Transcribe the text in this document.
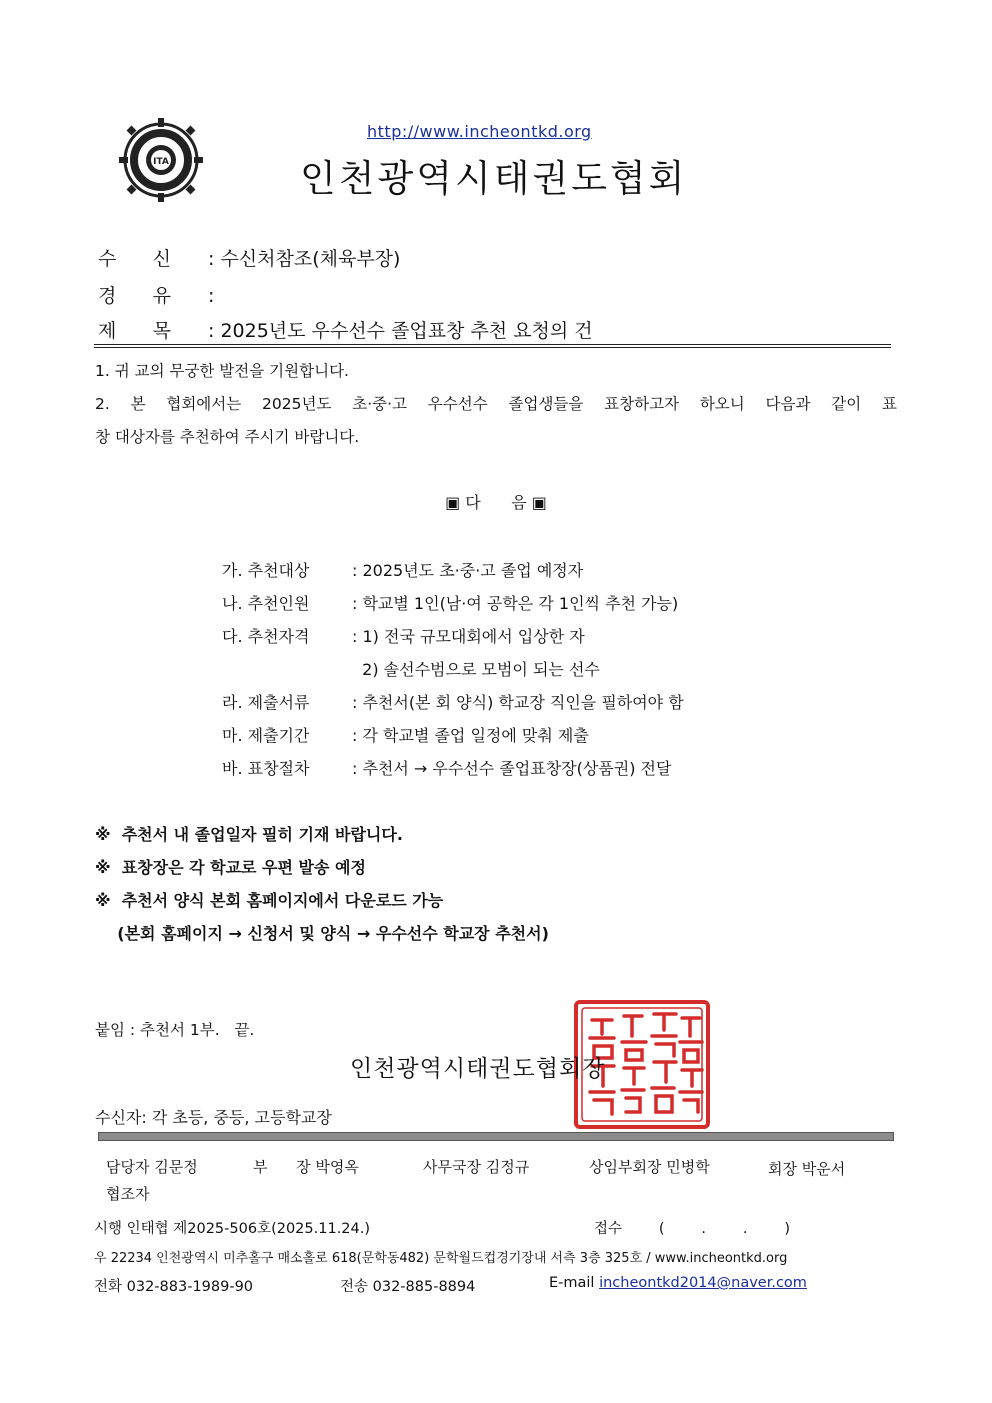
http://www.incheontkd.org
ITA	인천광역시태권도협회
수      신 : 수신처참조(체육부장)
경      유 :
제      목 : 2025년도 우수선수 졸업표창 추천 요청의 건
1. 귀 교의 무궁한 발전을 기원합니다.
2. 본 협회에서는 2025년도 초·중·고 우수선수 졸업생들을 표창하고자 하오니 다음과 같이 표
창 대상자를 추천하여 주시기 바랍니다.
▣ 다      음 ▣
가. 추천대상	: 2025년도 초·중·고 졸업 예정자
나. 추천인원	: 학교별 1인(남·여 공학은 각 1인씩 추천 가능)
다. 추천자격	: 1) 전국 규모대회에서 입상한 자
2) 솔선수범으로 모범이 되는 선수
라. 제출서류	: 추천서(본 회 양식) 학교장 직인을 필하여야 함
마. 제출기간	: 각 학교별 졸업 일정에 맞춰 제출
바. 표창절차	: 추천서 → 우수선수 졸업표창장(상품권) 전달
※  추천서 내 졸업일자 필히 기재 바랍니다.
※  표창장은 각 학교로 우편 발송 예정
※  추천서 양식 본회 홈페이지에서 다운로드 가능
(본회 홈페이지 → 신청서 및 양식 → 우수선수 학교장 추천서)
붙임 : 추천서 1부.   끝.
인천광역시태권도협회장
수신자: 각 초등, 중등, 고등학교장
담당자 김문정	부      장 박영옥	사무국장 김정규	상임부회장 민병학	회장 박운서
협조자
시행 인태협 제2025-506호(2025.11.24.)	접수        (        .        .        )
우 22234 인천광역시 미추홀구 매소홀로 618(문학동482) 문학월드컵경기장내 서측 3층 325호 / www.incheontkd.org
전화 032-883-1989-90	전송 032-885-8894	E-mail incheontkd2014@naver.com
